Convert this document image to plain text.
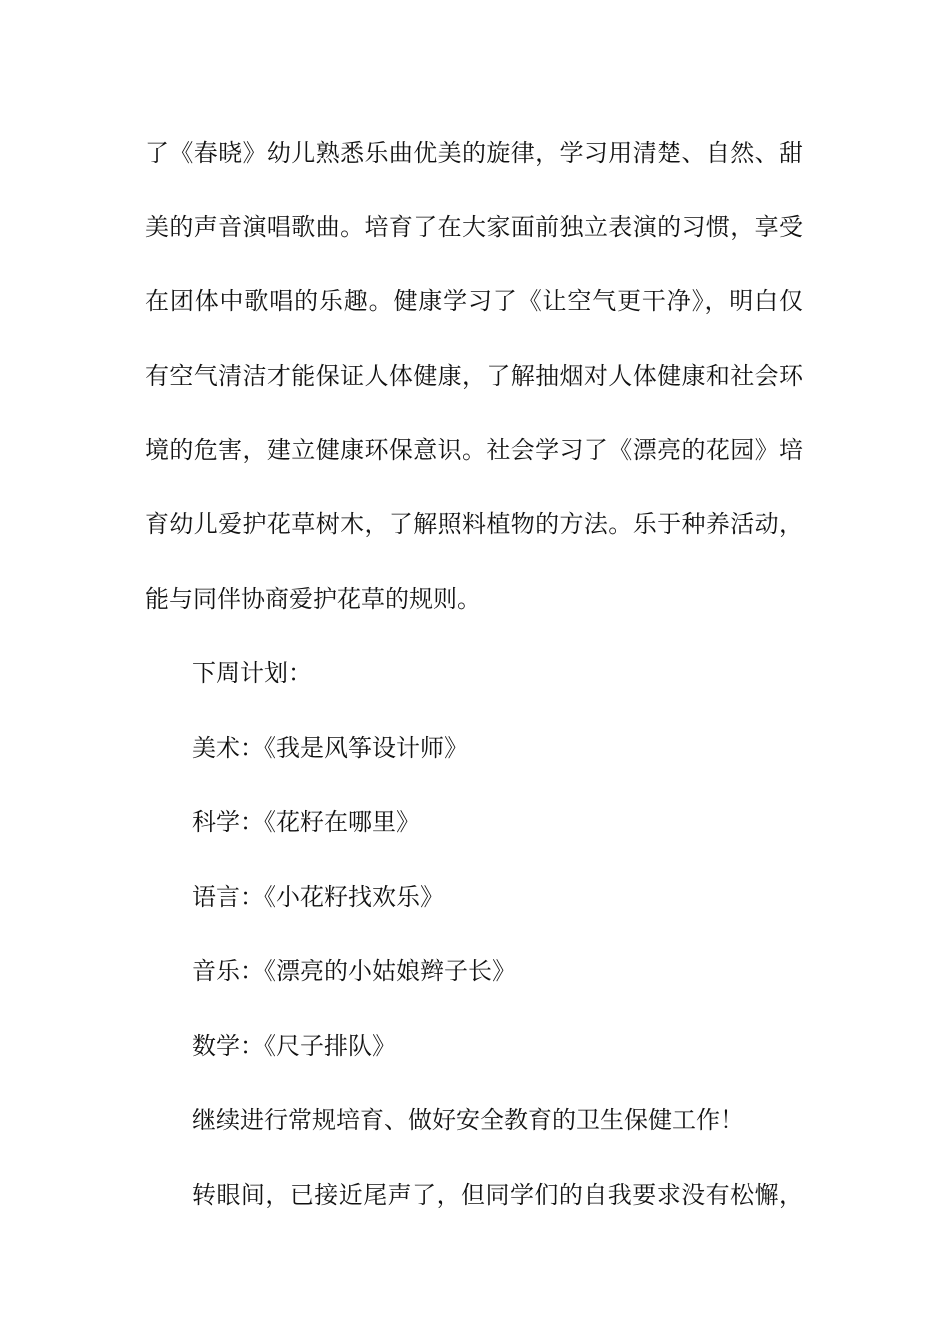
了《春晓》幼儿熟悉乐曲优美的旋律，学习用清楚、自然、甜
美的声音演唱歌曲。培育了在大家面前独立表演的习惯，享受
在团体中歌唱的乐趣。健康学习了《让空气更干净》，明白仅
有空气清洁才能保证人体健康，了解抽烟对人体健康和社会环
境的危害，建立健康环保意识。社会学习了《漂亮的花园》培
育幼儿爱护花草树木，了解照料植物的方法。乐于种养活动，
能与同伴协商爱护花草的规则。
下周计划：
美术：《我是风筝设计师》
科学：《花籽在哪里》
语言：《小花籽找欢乐》
音乐：《漂亮的小姑娘辫子长》
数学：《尺子排队》
继续进行常规培育、做好安全教育的卫生保健工作！
转眼间，已接近尾声了，但同学们的自我要求没有松懈，
